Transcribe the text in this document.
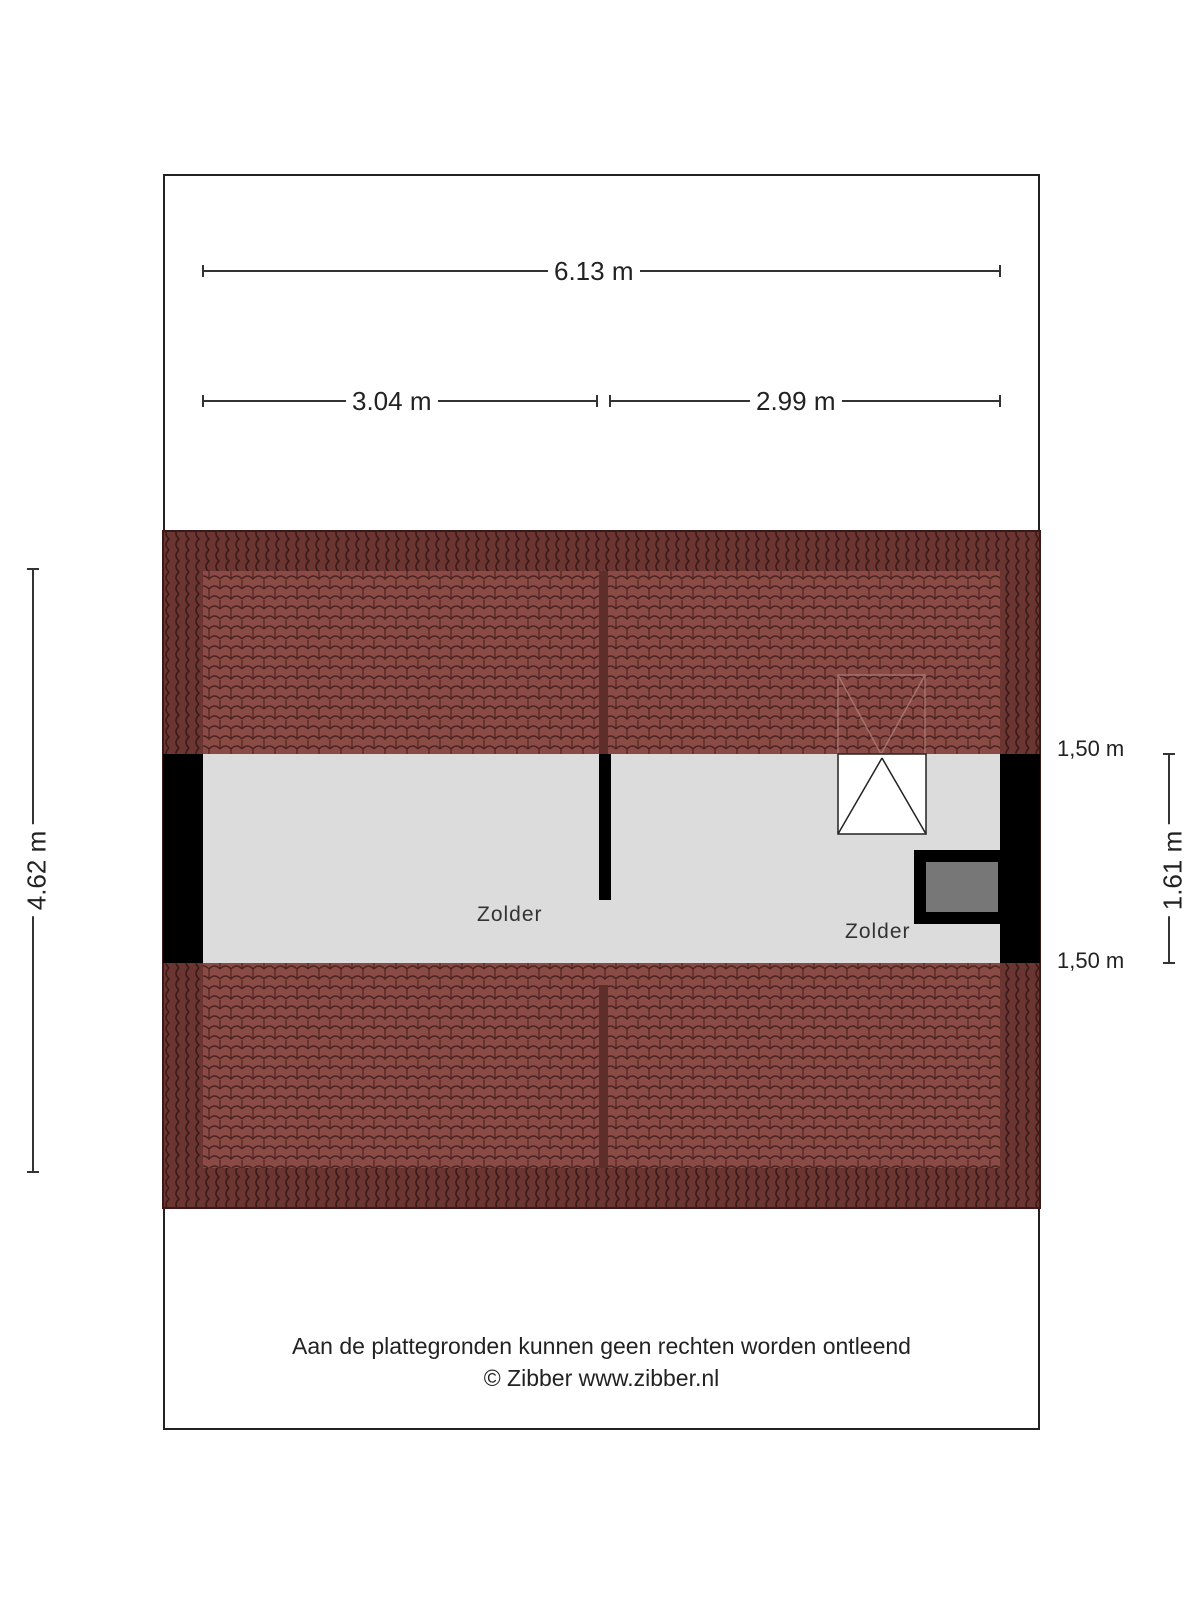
6.13 m
3.04 m	2.99 m
4.62 m	1.61 m
1,50 m
1,50 m
Zolder
Zolder
Aan de plattegronden kunnen geen rechten worden ontleend
© Zibber www.zibber.nl
